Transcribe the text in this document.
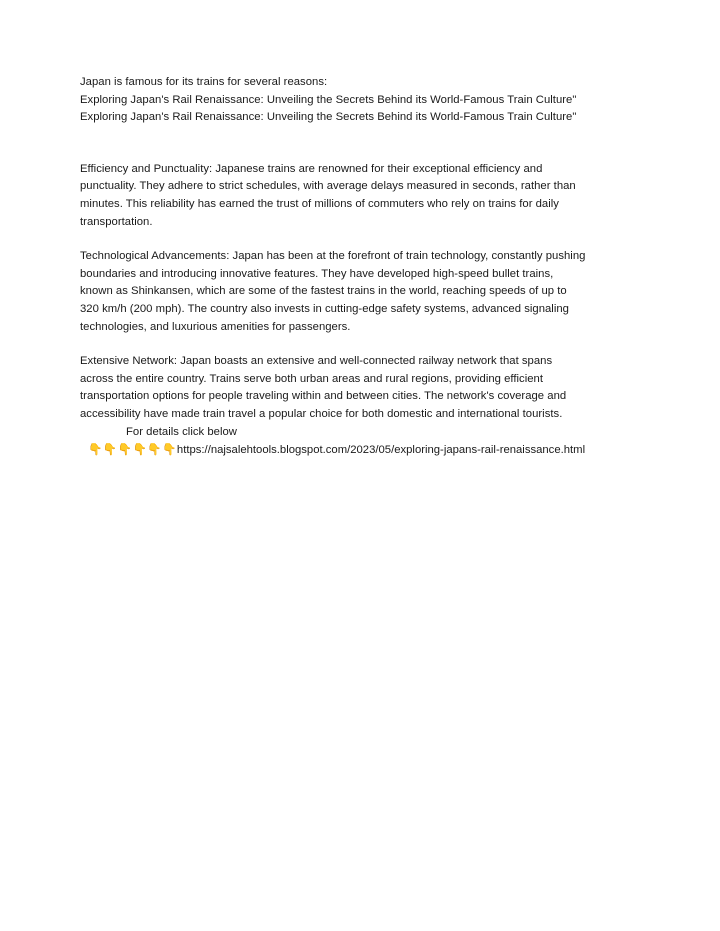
Japan is famous for its trains for several reasons:

Exploring Japan's Rail Renaissance: Unveiling the Secrets Behind its World-Famous Train Culture"

Exploring Japan's Rail Renaissance: Unveiling the Secrets Behind its World-Famous Train Culture"

Efficiency and Punctuality: Japanese trains are renowned for their exceptional efficiency and punctuality. They adhere to strict schedules, with average delays measured in seconds, rather than minutes. This reliability has earned the trust of millions of commuters who rely on trains for daily transportation.

Technological Advancements: Japan has been at the forefront of train technology, constantly pushing boundaries and introducing innovative features. They have developed high-speed bullet trains, known as Shinkansen, which are some of the fastest trains in the world, reaching speeds of up to 320 km/h (200 mph). The country also invests in cutting-edge safety systems, advanced signaling technologies, and luxurious amenities for passengers.

Extensive Network: Japan boasts an extensive and well-connected railway network that spans across the entire country. Trains serve both urban areas and rural regions, providing efficient transportation options for people traveling within and between cities. The network's coverage and accessibility have made train travel a popular choice for both domestic and international tourists.For details click below

👇👇👇👇👇👇https://najsalehtools.blogspot.com/2023/05/exploring-japans-rail-renaissance.html
